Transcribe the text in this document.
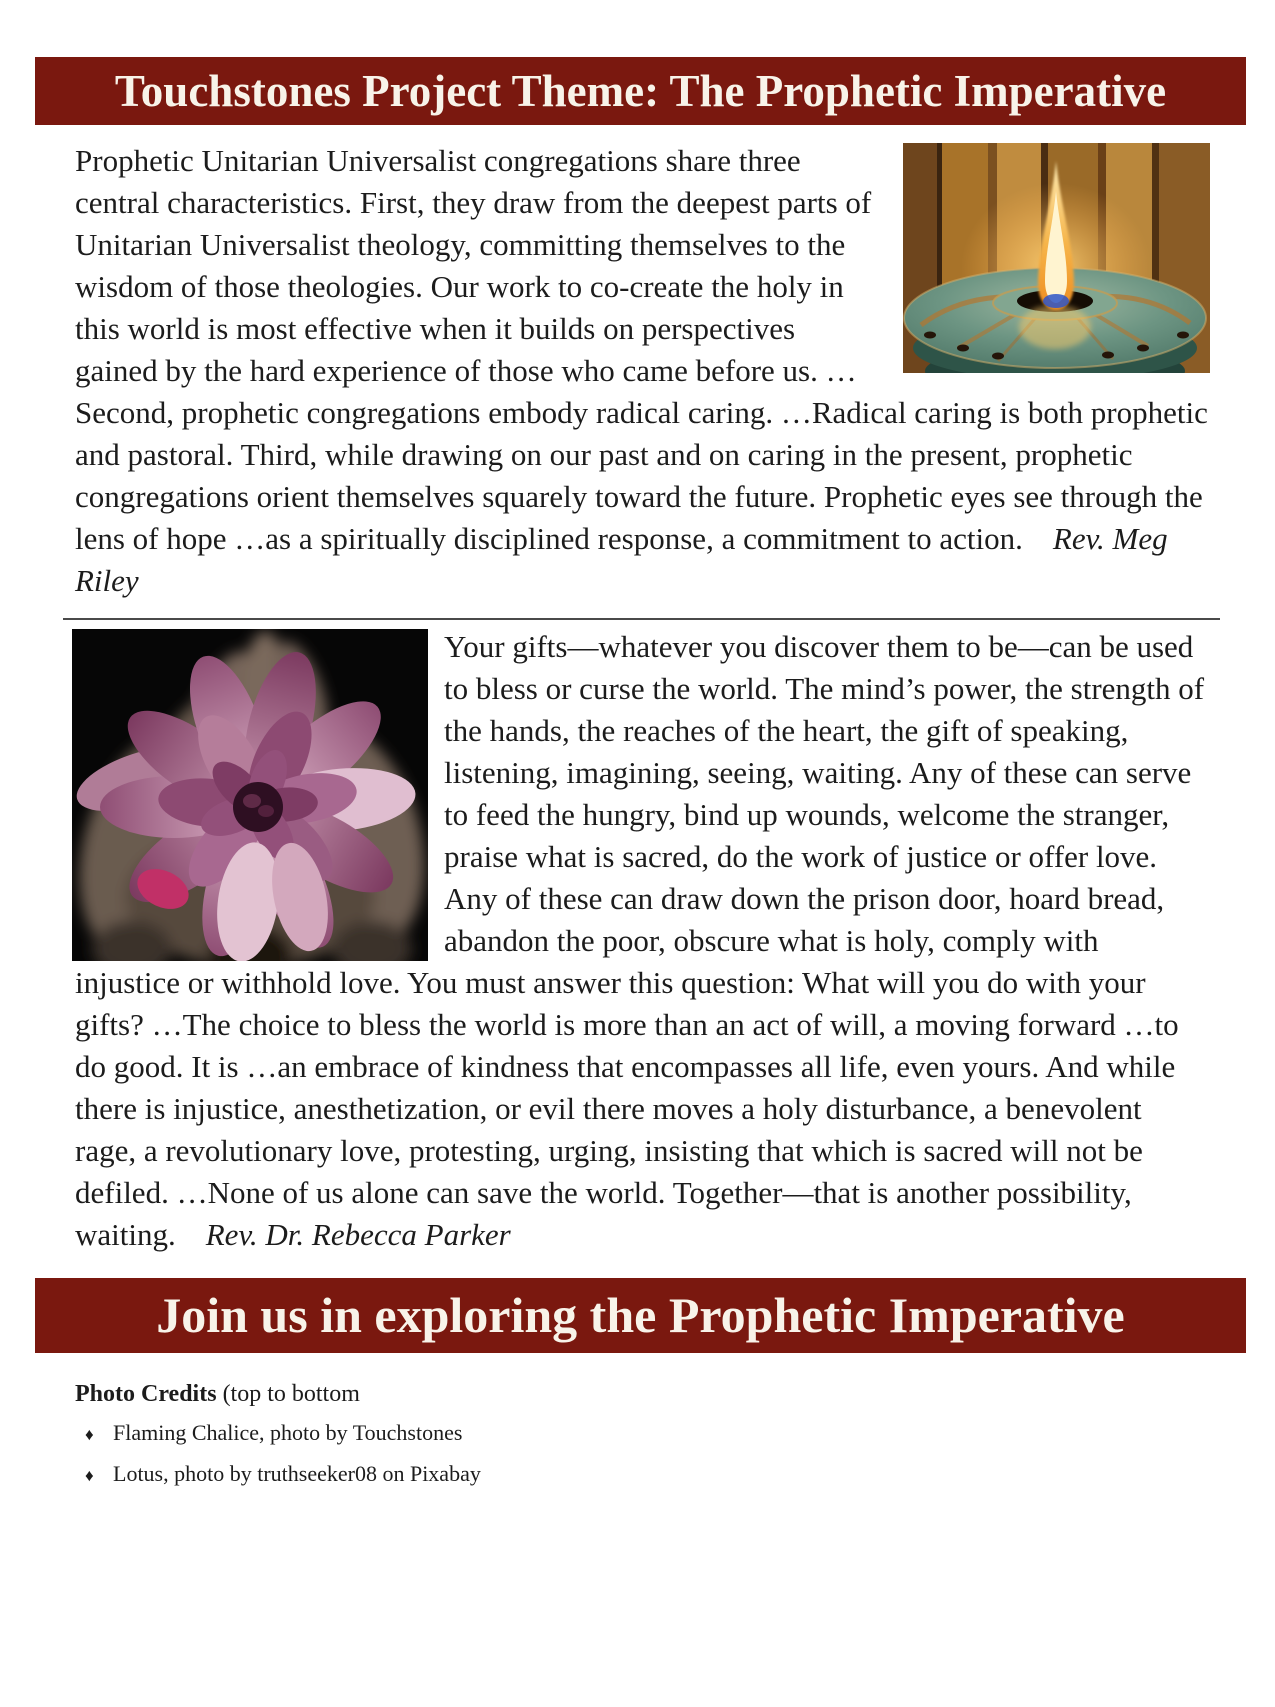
Touchstones Project Theme: The Prophetic Imperative

Prophetic Unitarian Universalist congregations share three central characteristics. First, they draw from the deepest parts of Unitarian Universalist theology, committing themselves to the wisdom of those theologies. Our work to co-create the holy in this world is most effective when it builds on perspectives gained by the hard experience of those who came before us. … Second, prophetic congregations embody radical caring. …Radical caring is both prophetic and pastoral. Third, while drawing on our past and on caring in the present, prophetic congregations orient themselves squarely toward the future. Prophetic eyes see through the lens of hope …as a spiritually disciplined response, a commitment to action. Rev. Meg Riley

Your gifts—whatever you discover them to be—can be used to bless or curse the world. The mind’s power, the strength of the hands, the reaches of the heart, the gift of speaking, listening, imagining, seeing, waiting. Any of these can serve to feed the hungry, bind up wounds, welcome the stranger, praise what is sacred, do the work of justice or offer love. Any of these can draw down the prison door, hoard bread, abandon the poor, obscure what is holy, comply with injustice or withhold love. You must answer this question: What will you do with your gifts? …The choice to bless the world is more than an act of will, a moving forward …to do good. It is …an embrace of kindness that encompasses all life, even yours. And while there is injustice, anesthetization, or evil there moves a holy disturbance, a benevolent rage, a revolutionary love, protesting, urging, insisting that which is sacred will not be defiled. …None of us alone can save the world. Together—that is another possibility, waiting. Rev. Dr. Rebecca Parker

Join us in exploring the Prophetic Imperative
Photo Credits (top to bottom
♦ Flaming Chalice, photo by Touchstones
♦ Lotus, photo by truthseeker08 on Pixabay
